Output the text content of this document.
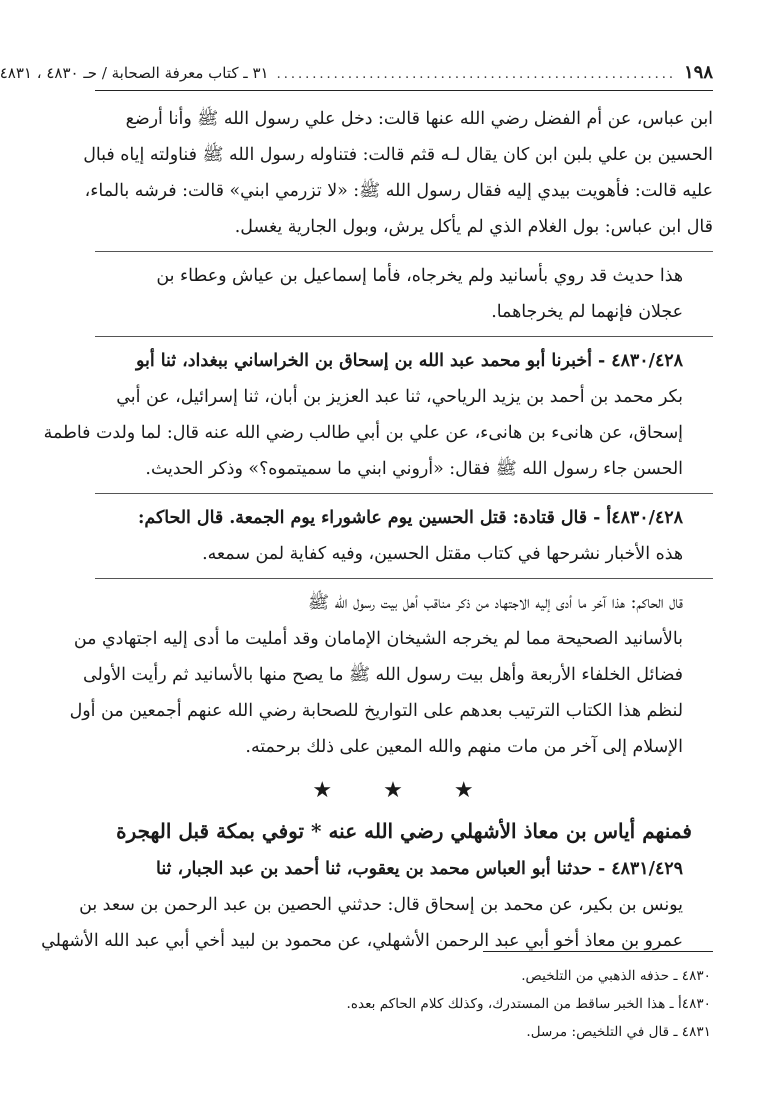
١٩٨
........................................................
٣١ ـ كتاب معرفة الصحابة / حـ ٤٨٣٠ ، ٤٨٣١
ابن عباس، عن أم الفضل رضي الله عنها قالت: دخل علي رسول الله ﷺ وأنا أرضع
الحسين بن علي بلبن ابن كان يقال لـه قثم قالت: فتناوله رسول الله ﷺ فناولته إياه فبال
عليه قالت: فأهويت بيدي إليه فقال رسول الله ﷺ: «لا تزرمي ابني» قالت: فرشه بالماء،
قال ابن عباس: بول الغلام الذي لم يأكل يرش، وبول الجارية يغسل.
هذا حديث قد روي بأسانيد ولم يخرجاه، فأما إسماعيل بن عياش وعطاء بن
عجلان فإنهما لم يخرجاهما.
٤٨٣٠/٤٢٨ - أخبرنا أبو محمد عبد الله بن إسحاق بن الخراساني ببغداد، ثنا أبو
بكر محمد بن أحمد بن يزيد الرياحي، ثنا عبد العزيز بن أبان، ثنا إسرائيل، عن أبي
إسحاق، عن هانىء بن هانىء، عن علي بن أبي طالب رضي الله عنه قال: لما ولدت فاطمة
الحسن جاء رسول الله ﷺ فقال: «أروني ابني ما سميتموه؟» وذكر الحديث.
٤٨٣٠/٤٢٨أ - قال قتادة: قتل الحسين يوم عاشوراء يوم الجمعة. قال الحاكم:
هذه الأخبار نشرحها في كتاب مقتل الحسين، وفيه كفاية لمن سمعه.
قال الحاكم: هذا آخر ما أدى إليه الاجتهاد من ذكر مناقب أهل بيت رسول الله ﷺ
بالأسانيد الصحيحة مما لم يخرجه الشيخان الإمامان وقد أمليت ما أدى إليه اجتهادي من
فضائل الخلفاء الأربعة وأهل بيت رسول الله ﷺ ما يصح منها بالأسانيد ثم رأيت الأولى
لنظم هذا الكتاب الترتيب بعدهم على التواريخ للصحابة رضي الله عنهم أجمعين من أول
الإسلام إلى آخر من مات منهم والله المعين على ذلك برحمته.
★ ★ ★
فمنهم أياس بن معاذ الأشهلي رضي الله عنه * توفي بمكة قبل الهجرة
٤٨٣١/٤٢٩ - حدثنا أبو العباس محمد بن يعقوب، ثنا أحمد بن عبد الجبار، ثنا
يونس بن بكير، عن محمد بن إسحاق قال: حدثني الحصين بن عبد الرحمن بن سعد بن
عمرو بن معاذ أخو أبي عبد الرحمن الأشهلي، عن محمود بن لبيد أخي أبي عبد الله الأشهلي
٤٨٣٠ ـ حذفه الذهبي من التلخيص.
٤٨٣٠أ ـ هذا الخبر ساقط من المستدرك، وكذلك كلام الحاكم بعده.
٤٨٣١ ـ قال في التلخيص: مرسل.
